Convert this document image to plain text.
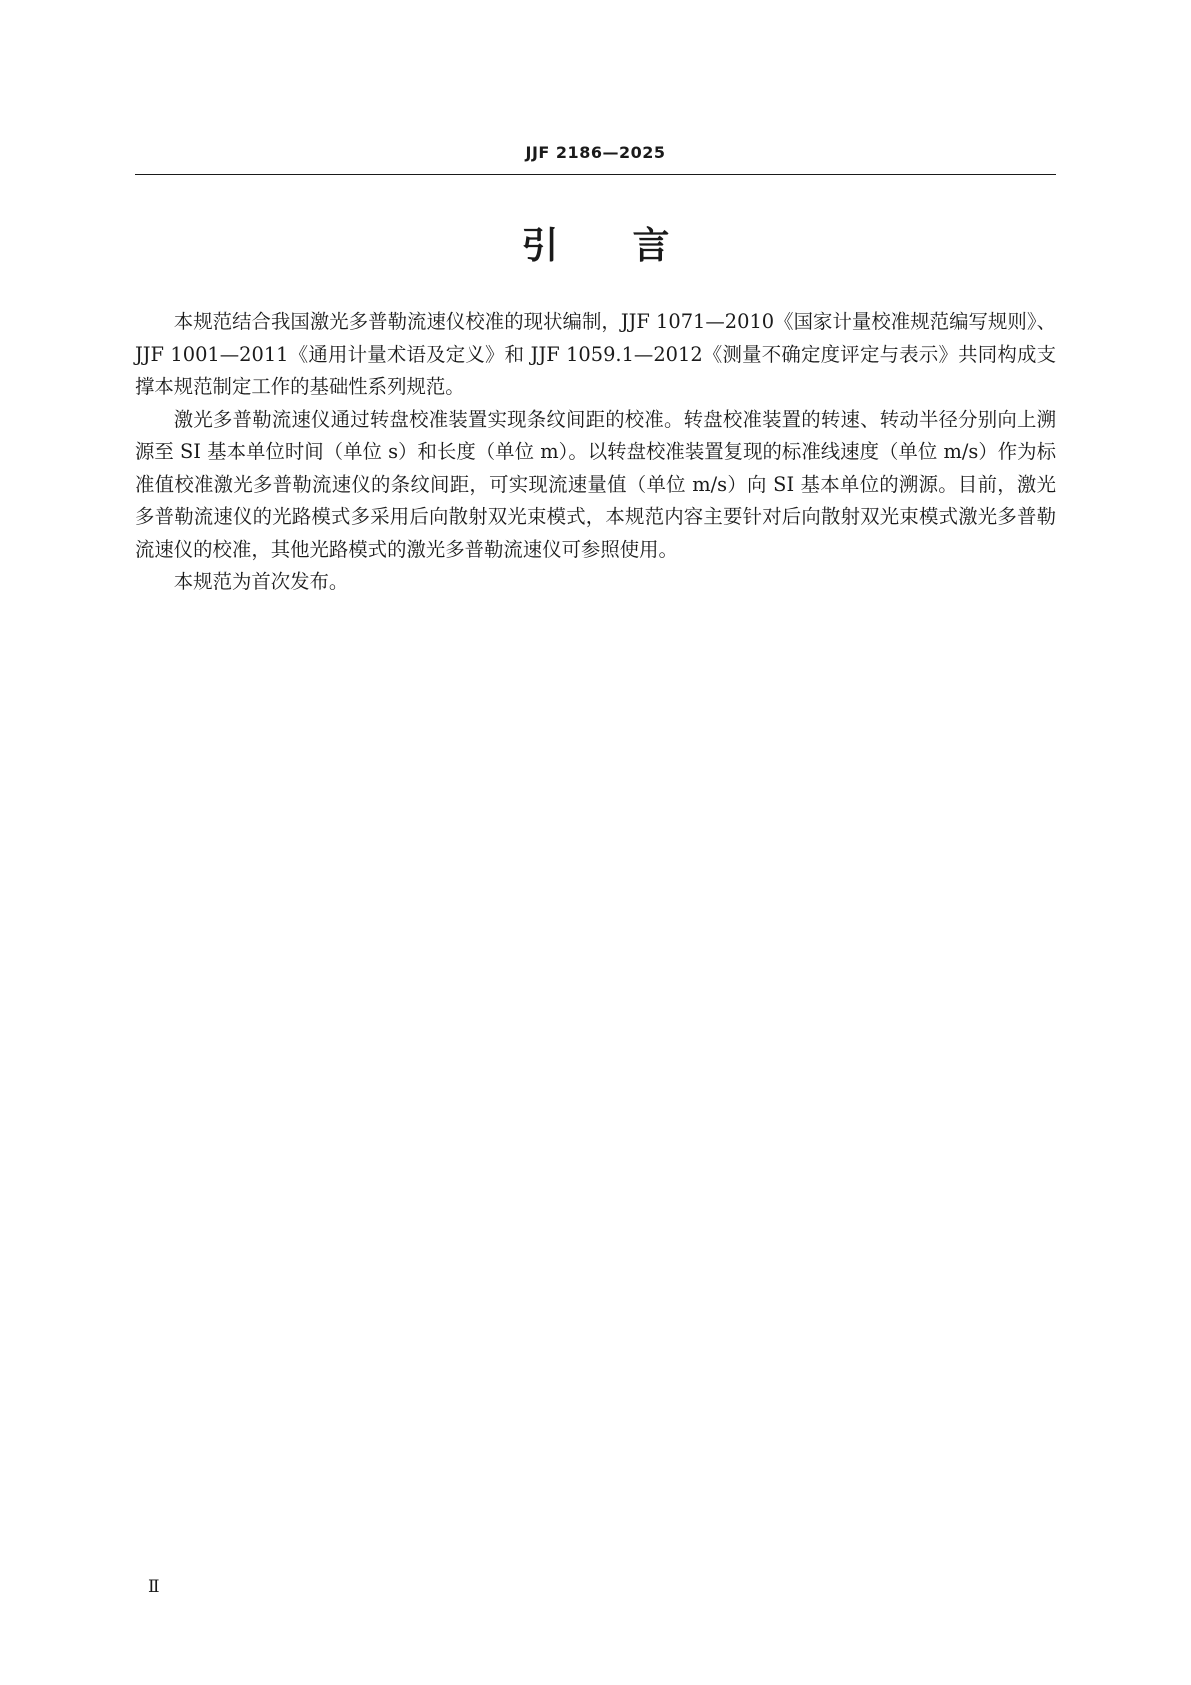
JJF 2186—2025
引　　言

本规范结合我国激光多普勒流速仪校准的现状编制，JJF 1071—2010《国家计量校准规范编写规则》、JJF 1001—2011《通用计量术语及定义》和 JJF 1059.1—2012《测量不确定度评定与表示》共同构成支撑本规范制定工作的基础性系列规范。

激光多普勒流速仪通过转盘校准装置实现条纹间距的校准。转盘校准装置的转速、转动半径分别向上溯源至 SI 基本单位时间（单位 s）和长度（单位 m）。以转盘校准装置复现的标准线速度（单位 m/s）作为标准值校准激光多普勒流速仪的条纹间距，可实现流速量值（单位 m/s）向 SI 基本单位的溯源。目前，激光多普勒流速仪的光路模式多采用后向散射双光束模式，本规范内容主要针对后向散射双光束模式激光多普勒流速仪的校准，其他光路模式的激光多普勒流速仪可参照使用。

本规范为首次发布。

Ⅱ
